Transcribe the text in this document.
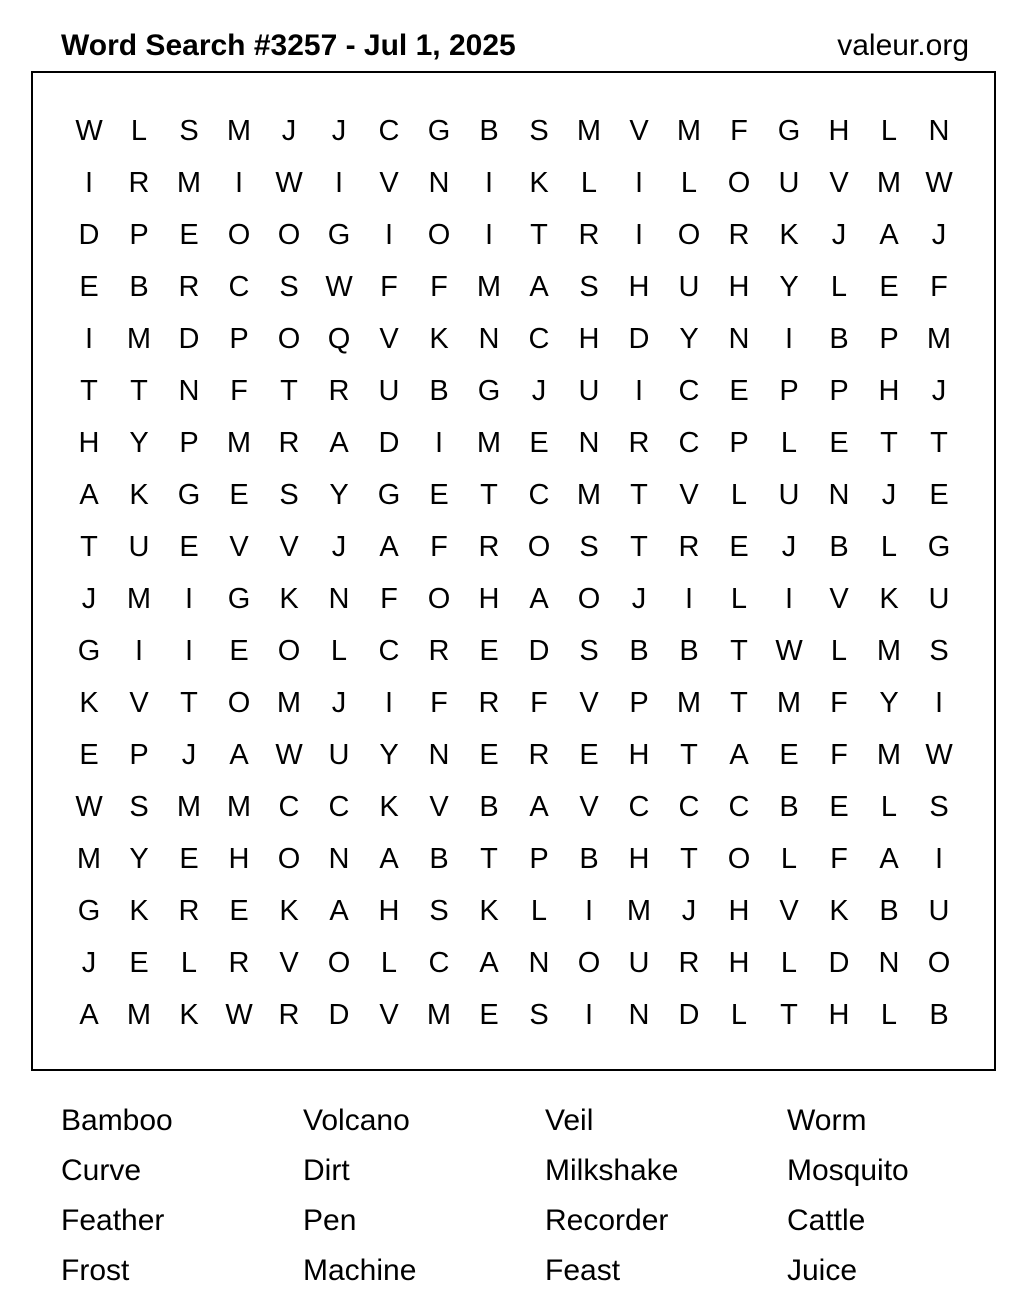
Word Search #3257 - Jul 1, 2025	valeur.org
W L	S M	J	J	C G	B	S M V M	F	G H	L	N
I	R M	I	W	I	V	N	I	K	L	I	L	O U	V M W
D	P	E	O O G	I	O	I	T	R	I	O R	K	J	A	J
E	B	R	C	S W F	F	M A	S	H	U	H	Y	L	E	F
I	M D	P	O Q	V	K	N	C	H	D	Y	N	I	B	P M
T	T	N	F	T	R	U	B	G	J	U	I	C	E	P	P	H	J
H	Y	P M R	A	D	I	M E	N	R	C	P	L	E	T	T
A	K	G	E	S	Y	G	E	T	C M	T	V	L	U	N	J	E
T	U	E	V	V	J	A	F	R O	S	T	R	E	J	B	L	G
J	M	I	G	K	N	F	O H	A	O	J	I	L	I	V	K	U
G	I	I	E	O	L	C	R	E	D	S	B	B	T W L	M S
K	V	T	O M	J	I	F	R	F	V	P M	T	M	F	Y	I
E	P	J	A W U	Y	N	E	R	E	H	T	A	E	F	M W
W S M M C	C	K	V	B	A	V	C	C	C	B	E	L	S
M Y	E	H O N	A	B	T	P	B	H	T	O	L	F	A	I
G	K	R	E	K	A	H	S	K	L	I	M	J	H	V	K	B	U
J	E	L	R	V	O	L	C	A	N O U	R	H	L	D	N O
A M K W R	D	V M E	S	I	N	D	L	T	H	L	B
Bamboo	Volcano	Veil	Worm
Curve	Dirt	Milkshake	Mosquito
Feather	Pen	Recorder	Cattle
Frost	Machine	Feast	Juice
